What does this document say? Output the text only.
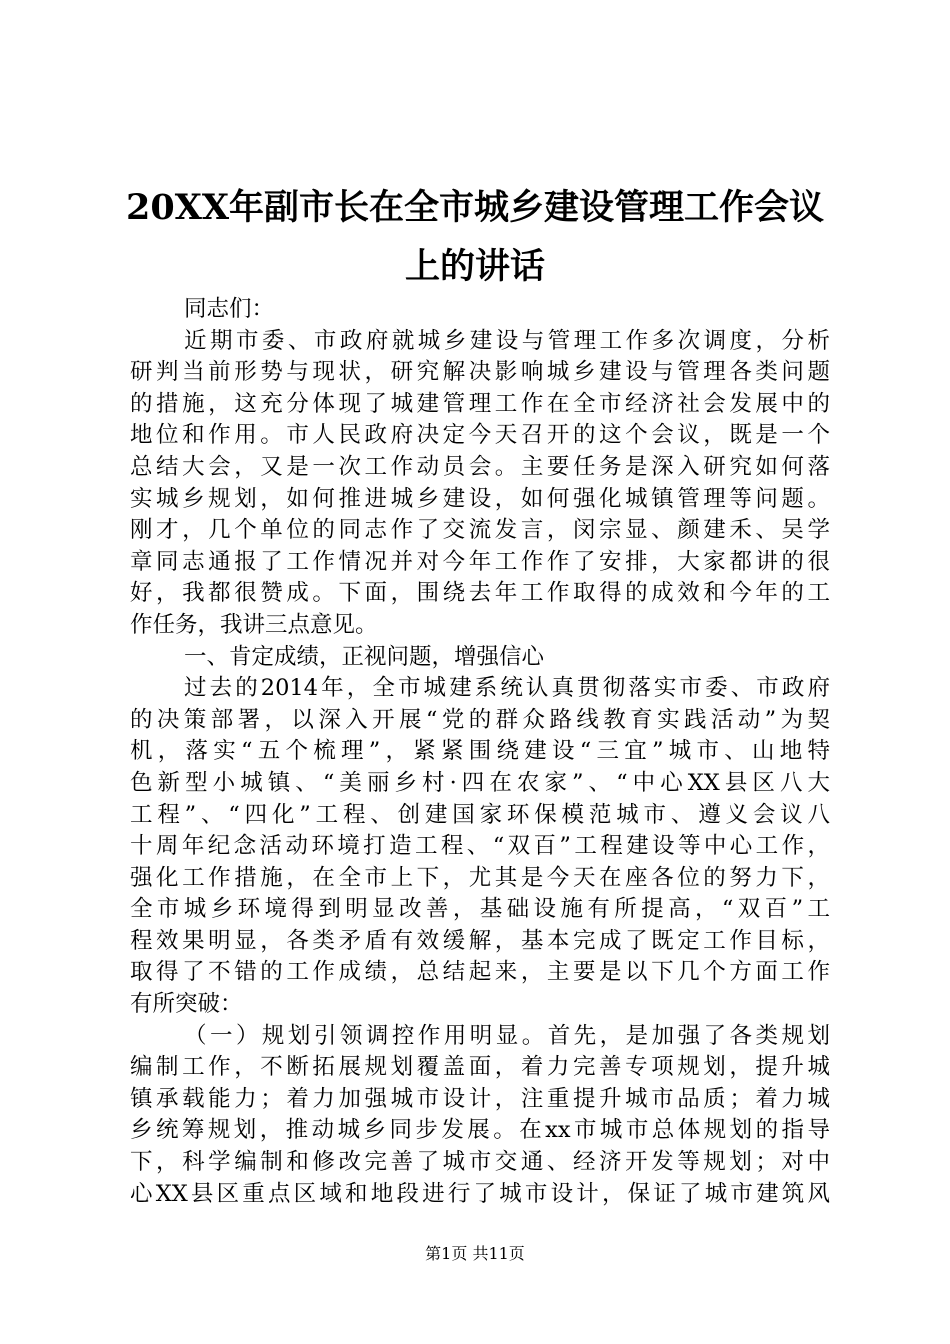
20XX年副市长在全市城乡建设管理工作会议
上的讲话
同志们：
近期市委、市政府就城乡建设与管理工作多次调度，分析
研判当前形势与现状，研究解决影响城乡建设与管理各类问题
的措施，这充分体现了城建管理工作在全市经济社会发展中的
地位和作用。市人民政府决定今天召开的这个会议，既是一个
总结大会，又是一次工作动员会。主要任务是深入研究如何落
实城乡规划，如何推进城乡建设，如何强化城镇管理等问题。
刚才，几个单位的同志作了交流发言，闵宗显、颜建禾、吴学
章同志通报了工作情况并对今年工作作了安排，大家都讲的很
好，我都很赞成。下面，围绕去年工作取得的成效和今年的工
作任务，我讲三点意见。
一、肯定成绩，正视问题，增强信心
过去的2014年，全市城建系统认真贯彻落实市委、市政府
的决策部署，以深入开展“党的群众路线教育实践活动”为契
机，落实“五个梳理”，紧紧围绕建设“三宜”城市、山地特
色新型小城镇、“美丽乡村·四在农家”、“中心XX县区八大
工程”、“四化”工程、创建国家环保模范城市、遵义会议八
十周年纪念活动环境打造工程、“双百”工程建设等中心工作，
强化工作措施，在全市上下，尤其是今天在座各位的努力下，
全市城乡环境得到明显改善，基础设施有所提高，“双百”工
程效果明显，各类矛盾有效缓解，基本完成了既定工作目标，
取得了不错的工作成绩，总结起来，主要是以下几个方面工作
有所突破：
（一）规划引领调控作用明显。首先，是加强了各类规划
编制工作，不断拓展规划覆盖面，着力完善专项规划，提升城
镇承载能力；着力加强城市设计，注重提升城市品质；着力城
乡统筹规划，推动城乡同步发展。在xx市城市总体规划的指导
下，科学编制和修改完善了城市交通、经济开发等规划；对中
心XX县区重点区域和地段进行了城市设计，保证了城市建筑风
第1页 共11页
